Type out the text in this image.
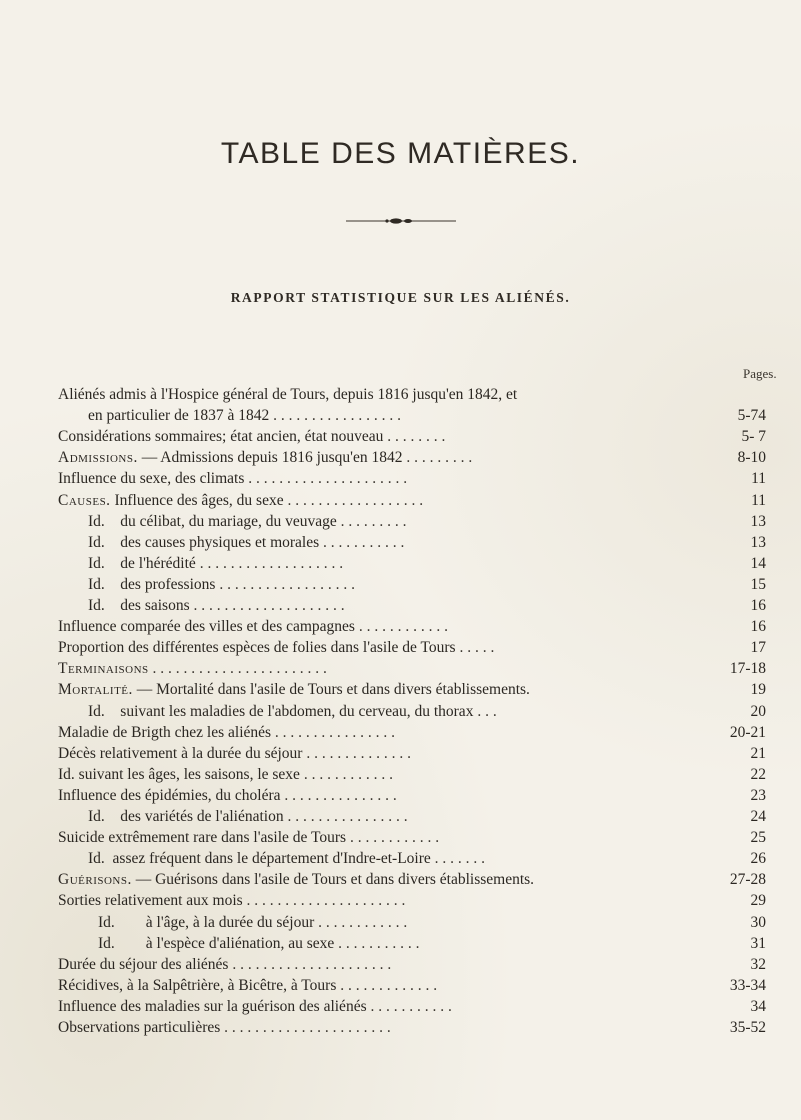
TABLE DES MATIÈRES.
RAPPORT STATISTIQUE SUR LES ALIÉNÉS.
Pages.
Aliénés admis à l'Hospice général de Tours, depuis 1816 jusqu'en 1842, et
en particulier de 1837 à 1842 . . . . . . . . . . . . . . . . .	5-74
Considérations sommaires; état ancien, état nouveau . . . . . . . .	5- 7
Admissions. — Admissions depuis 1816 jusqu'en 1842 . . . . . . . . .	8-10
Influence du sexe, des climats . . . . . . . . . . . . . . . . . . . . .	11
Causes. Influence des âges, du sexe . . . . . . . . . . . . . . . . . .	11
Id.    du célibat, du mariage, du veuvage . . . . . . . . .	13
Id.    des causes physiques et morales . . . . . . . . . . .	13
Id.    de l'hérédité . . . . . . . . . . . . . . . . . . .	14
Id.    des professions . . . . . . . . . . . . . . . . . .	15
Id.    des saisons . . . . . . . . . . . . . . . . . . . .	16
Influence comparée des villes et des campagnes . . . . . . . . . . . .	16
Proportion des différentes espèces de folies dans l'asile de Tours . . . . .	17
Terminaisons . . . . . . . . . . . . . . . . . . . . . . .	17-18
Mortalité. — Mortalité dans l'asile de Tours et dans divers établissements.	19
Id.    suivant les maladies de l'abdomen, du cerveau, du thorax . . .	20
Maladie de Brigth chez les aliénés . . . . . . . . . . . . . . . .	20-21
Décès relativement à la durée du séjour . . . . . . . . . . . . . .	21
Id. suivant les âges, les saisons, le sexe . . . . . . . . . . . .	22
Influence des épidémies, du choléra . . . . . . . . . . . . . . .	23
Id.    des variétés de l'aliénation . . . . . . . . . . . . . . . .	24
Suicide extrêmement rare dans l'asile de Tours . . . . . . . . . . . .	25
Id.  assez fréquent dans le département d'Indre-et-Loire . . . . . . .	26
Guérisons. — Guérisons dans l'asile de Tours et dans divers établissements.	27-28
Sorties relativement aux mois . . . . . . . . . . . . . . . . . . . . .	29
Id.        à l'âge, à la durée du séjour . . . . . . . . . . . .	30
Id.        à l'espèce d'aliénation, au sexe . . . . . . . . . . .	31
Durée du séjour des aliénés . . . . . . . . . . . . . . . . . . . . .	32
Récidives, à la Salpêtrière, à Bicêtre, à Tours . . . . . . . . . . . . .	33-34
Influence des maladies sur la guérison des aliénés . . . . . . . . . . .	34
Observations particulières . . . . . . . . . . . . . . . . . . . . . .	35-52
